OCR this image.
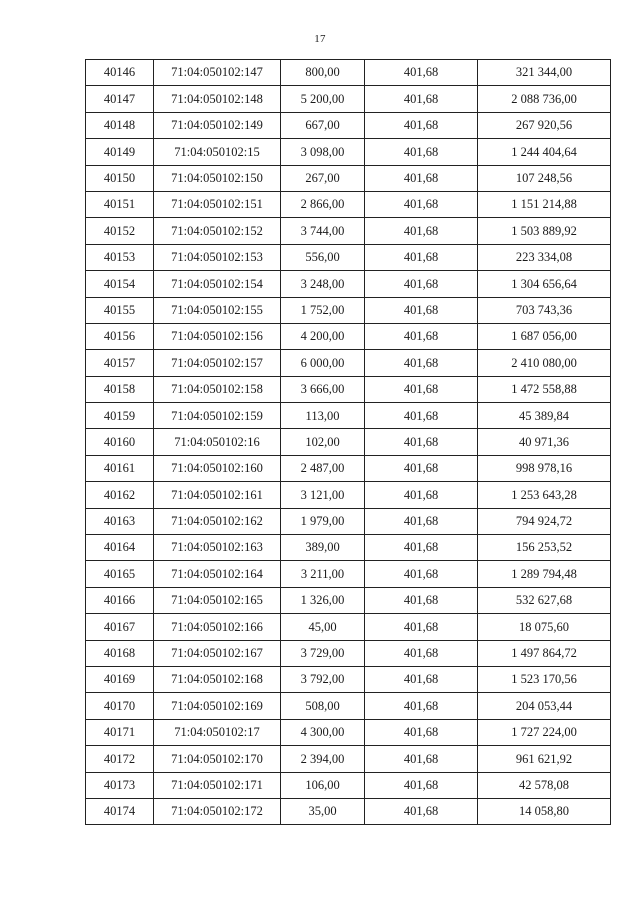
17
40146	71:04:050102:147	800,00	401,68	321 344,00
40147	71:04:050102:148	5 200,00	401,68	2 088 736,00
40148	71:04:050102:149	667,00	401,68	267 920,56
40149	71:04:050102:15	3 098,00	401,68	1 244 404,64
40150	71:04:050102:150	267,00	401,68	107 248,56
40151	71:04:050102:151	2 866,00	401,68	1 151 214,88
40152	71:04:050102:152	3 744,00	401,68	1 503 889,92
40153	71:04:050102:153	556,00	401,68	223 334,08
40154	71:04:050102:154	3 248,00	401,68	1 304 656,64
40155	71:04:050102:155	1 752,00	401,68	703 743,36
40156	71:04:050102:156	4 200,00	401,68	1 687 056,00
40157	71:04:050102:157	6 000,00	401,68	2 410 080,00
40158	71:04:050102:158	3 666,00	401,68	1 472 558,88
40159	71:04:050102:159	113,00	401,68	45 389,84
40160	71:04:050102:16	102,00	401,68	40 971,36
40161	71:04:050102:160	2 487,00	401,68	998 978,16
40162	71:04:050102:161	3 121,00	401,68	1 253 643,28
40163	71:04:050102:162	1 979,00	401,68	794 924,72
40164	71:04:050102:163	389,00	401,68	156 253,52
40165	71:04:050102:164	3 211,00	401,68	1 289 794,48
40166	71:04:050102:165	1 326,00	401,68	532 627,68
40167	71:04:050102:166	45,00	401,68	18 075,60
40168	71:04:050102:167	3 729,00	401,68	1 497 864,72
40169	71:04:050102:168	3 792,00	401,68	1 523 170,56
40170	71:04:050102:169	508,00	401,68	204 053,44
40171	71:04:050102:17	4 300,00	401,68	1 727 224,00
40172	71:04:050102:170	2 394,00	401,68	961 621,92
40173	71:04:050102:171	106,00	401,68	42 578,08
40174	71:04:050102:172	35,00	401,68	14 058,80
